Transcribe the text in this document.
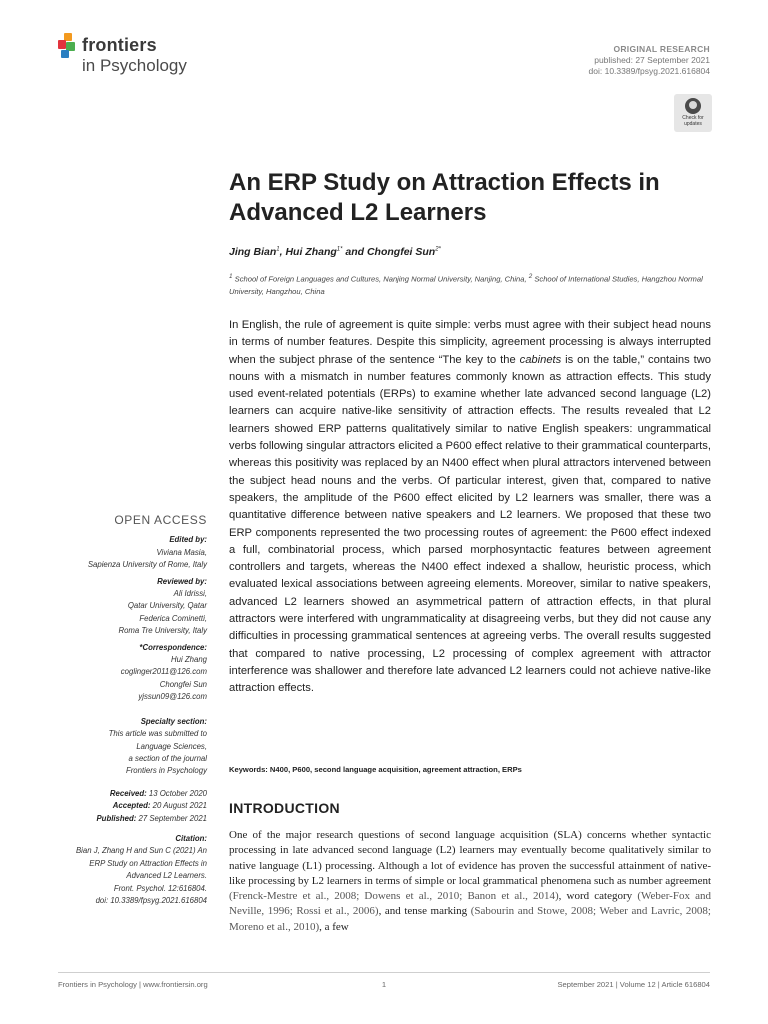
frontiers
in Psychology
ORIGINAL RESEARCH
published: 27 September 2021
doi: 10.3389/fpsyg.2021.616804
Check for updates
An ERP Study on Attraction Effects in Advanced L2 Learners
Jing Bian$^1$, Hui Zhang$^{1*}$ and Chongfei Sun$^{2*}$
$^1$ School of Foreign Languages and Cultures, Nanjing Normal University, Nanjing, China, $^2$ School of International Studies, Hangzhou Normal University, Hangzhou, China
In English, the rule of agreement is quite simple: verbs must agree with their subject head nouns in terms of number features. Despite this simplicity, agreement processing is always interrupted when the subject phrase of the sentence “The key to the cabinets is on the table,” contains two nouns with a mismatch in number features commonly known as attraction effects. This study used event-related potentials (ERPs) to examine whether late advanced second language (L2) learners can acquire native-like sensitivity of attraction effects. The results revealed that L2 learners showed ERP patterns qualitatively similar to native English speakers: ungrammatical verbs following singular attractors elicited a P600 effect relative to their grammatical counterparts, whereas this positivity was replaced by an N400 effect when plural attractors intervened between the subject head nouns and the verbs. Of particular interest, given that, compared to native speakers, the amplitude of the P600 effect elicited by L2 learners was smaller, there was a quantitative difference between native speakers and L2 learners. We proposed that these two ERP components represented the two processing routes of agreement: the P600 effect indexed a full, combinatorial process, which parsed morphosyntactic features between agreement controllers and targets, whereas the N400 effect indexed a shallow, heuristic process, which evaluated lexical associations between agreeing elements. Moreover, similar to native speakers, advanced L2 learners showed an asymmetrical pattern of attraction effects, in that plural attractors were interfered with ungrammaticality at disagreeing verbs, but they did not cause any difficulties in processing grammatical sentences at agreeing verbs. The overall results suggested that compared to native processing, L2 processing of complex agreement with attractor interference was shallower and therefore late advanced L2 learners could not achieve native-like attraction effects.
Keywords: N400, P600, second language acquisition, agreement attraction, ERPs
OPEN ACCESS
Edited by:
Viviana Masia,
Sapienza University of Rome, Italy
Reviewed by:
Ali Idrissi,
Qatar University, Qatar
Federica Cominetti,
Roma Tre University, Italy
*Correspondence:
Hui Zhang
coglinger2011@126.com
Chongfei Sun
yjssun09@126.com
Specialty section:
This article was submitted to
Language Sciences,
a section of the journal
Frontiers in Psychology
Received: 13 October 2020
Accepted: 20 August 2021
Published: 27 September 2021
Citation:
Bian J, Zhang H and Sun C (2021) An
ERP Study on Attraction Effects in
Advanced L2 Learners.
Front. Psychol. 12:616804.
doi: 10.3389/fpsyg.2021.616804
INTRODUCTION
One of the major research questions of second language acquisition (SLA) concerns whether syntactic processing in late advanced second language (L2) learners may eventually become qualitatively similar to native language (L1) processing. Although a lot of evidence has proven the successful attainment of native-like processing by L2 learners in terms of simple or local grammatical phenomena such as number agreement (Frenck-Mestre et al., 2008; Dowens et al., 2010; Banon et al., 2014), word category (Weber-Fox and Neville, 1996; Rossi et al., 2006), and tense marking (Sabourin and Stowe, 2008; Weber and Lavric, 2008; Moreno et al., 2010), a few
Frontiers in Psychology | www.frontiersin.org	1	September 2021 | Volume 12 | Article 616804
